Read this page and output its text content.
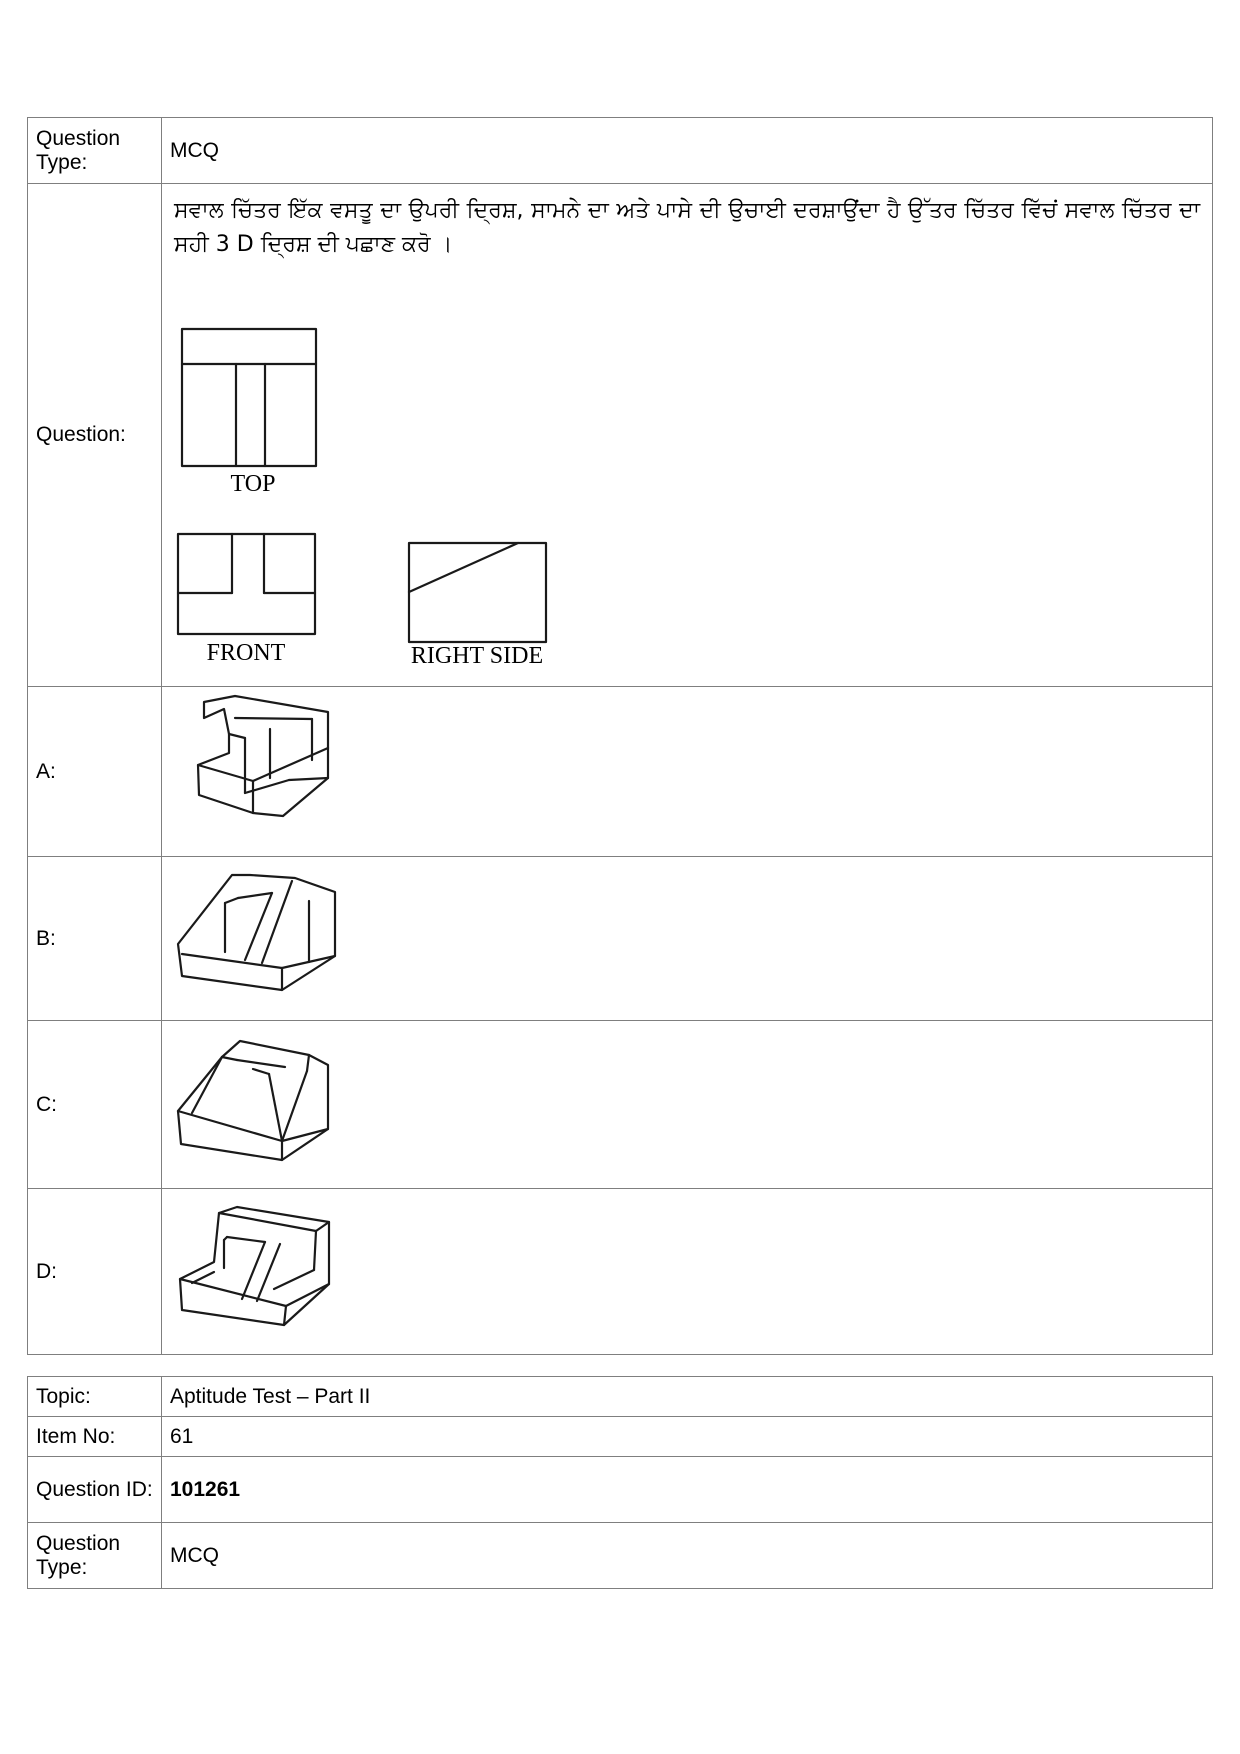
Question Type:	MCQ
Question:	ਸਵਾਲ ਚਿੱਤਰ ਇੱਕ ਵਸਤੂ ਦਾ ਉਪਰੀ ਦ੍ਰਿਸ਼, ਸਾਮਨੇ ਦਾ ਅਤੇ ਪਾਸੇ ਦੀ ਉਚਾਈ ਦਰਸ਼ਾਉਂਦਾ ਹੈ ਉੱਤਰ ਚਿੱਤਰ ਵਿੱਚਂ ਸਵਾਲ ਚਿੱਤਰ ਦਾ ਸਹੀ 3 D ਦ੍ਰਿਸ਼ ਦੀ ਪਛਾਣ ਕਰੋ ।

TOP
FRONT RIGHT SIDE

A:	

B:	

C:	

D:	
Topic:	Aptitude Test – Part II
Item No:	61
Question ID:	101261
Question Type:	MCQ
